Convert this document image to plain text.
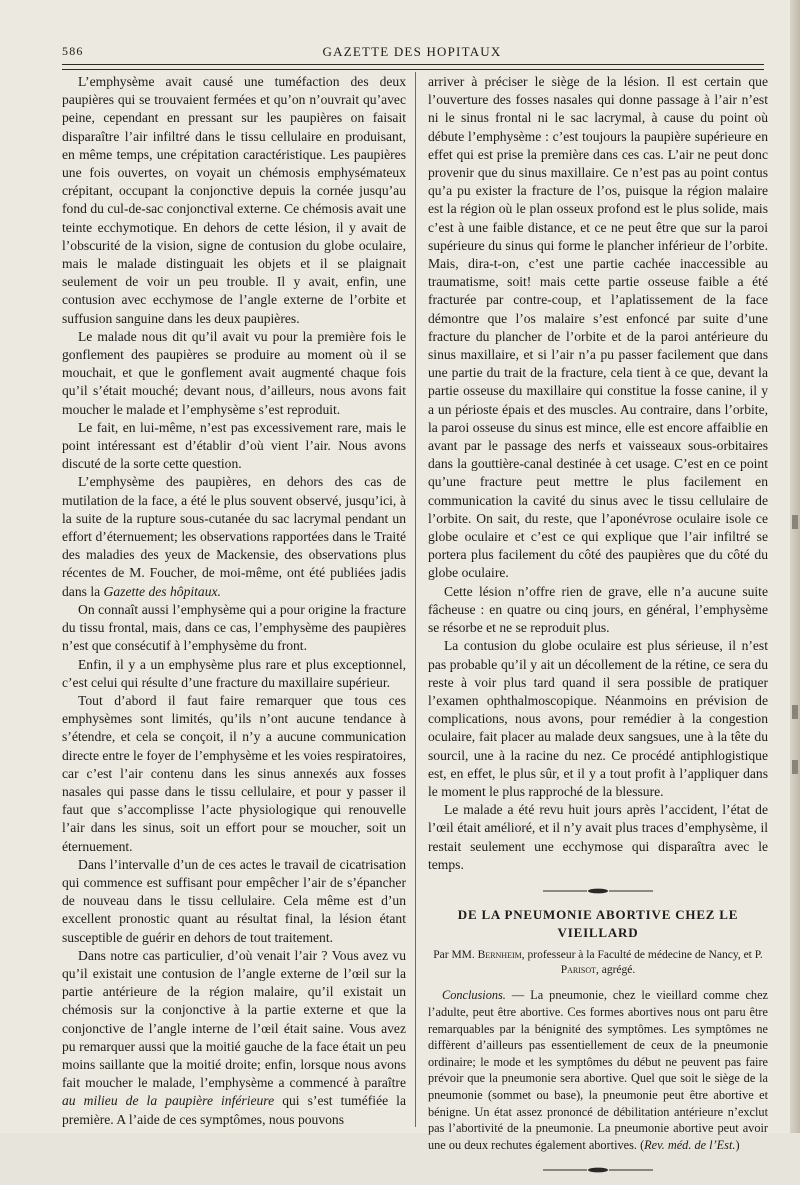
586	GAZETTE DES HOPITAUX

L’emphysème avait causé une tuméfaction des deux paupières qui se trouvaient fermées et qu’on n’ouvrait qu’avec peine, cependant en pressant sur les paupières on faisait disparaître l’air infiltré dans le tissu cellulaire en produisant, en même temps, une crépitation caractéristique. Les paupières une fois ouvertes, on voyait un chémosis emphysémateux crépitant, occupant la conjonctive depuis la cornée jusqu’au fond du cul-de-sac conjonctival externe. Ce chémosis avait une teinte ecchymotique. En dehors de cette lésion, il y avait de l’obscurité de la vision, signe de contusion du globe oculaire, mais le malade distinguait les objets et il se plaignait seulement de voir un peu trouble. Il y avait, enfin, une contusion avec ecchymose de l’angle externe de l’orbite et suffusion sanguine dans les deux paupières.

Le malade nous dit qu’il avait vu pour la première fois le gonflement des paupières se produire au moment où il se mouchait, et que le gonflement avait augmenté chaque fois qu’il s’était mouché; devant nous, d’ailleurs, nous avons fait moucher le malade et l’emphysème s’est reproduit.

Le fait, en lui-même, n’est pas excessivement rare, mais le point intéressant est d’établir d’où vient l’air. Nous avons discuté de la sorte cette question.

L’emphysème des paupières, en dehors des cas de mutilation de la face, a été le plus souvent observé, jusqu’ici, à la suite de la rupture sous-cutanée du sac lacrymal pendant un effort d’éternuement; les observations rapportées dans le Traité des maladies des yeux de Mackensie, des observations plus récentes de M. Foucher, de moi-même, ont été publiées jadis dans la Gazette des hôpitaux.

On connaît aussi l’emphysème qui a pour origine la fracture du tissu frontal, mais, dans ce cas, l’emphysème des paupières n’est que consécutif à l’emphysème du front.

Enfin, il y a un emphysème plus rare et plus exceptionnel, c’est celui qui résulte d’une fracture du maxillaire supérieur.

Tout d’abord il faut faire remarquer que tous ces emphysèmes sont limités, qu’ils n’ont aucune tendance à s’étendre, et cela se conçoit, il n’y a aucune communication directe entre le foyer de l’emphysème et les voies respiratoires, car c’est l’air contenu dans les sinus annexés aux fosses nasales qui passe dans le tissu cellulaire, et pour y passer il faut que s’accomplisse l’acte physiologique qui renouvelle l’air dans les sinus, soit un effort pour se moucher, soit un éternuement.

Dans l’intervalle d’un de ces actes le travail de cicatrisation qui commence est suffisant pour empêcher l’air de s’épancher de nouveau dans le tissu cellulaire. Cela même est d’un excellent pronostic quant au résultat final, la lésion étant susceptible de guérir en dehors de tout traitement.

Dans notre cas particulier, d’où venait l’air ? Vous avez vu qu’il existait une contusion de l’angle externe de l’œil sur la partie antérieure de la région malaire, qu’il existait un chémosis sur la conjonctive à la partie externe et que la conjonctive de l’angle interne de l’œil était saine. Vous avez pu remarquer aussi que la moitié gauche de la face était un peu moins saillante que la moitié droite; enfin, lorsque nous avons fait moucher le malade, l’emphysème a commencé à paraître au milieu de la paupière inférieure qui s’est tuméfiée la première. A l’aide de ces symptômes, nous pouvons

arriver à préciser le siège de la lésion. Il est certain que l’ouverture des fosses nasales qui donne passage à l’air n’est ni le sinus frontal ni le sac lacrymal, à cause du point où débute l’emphysème : c’est toujours la paupière supérieure en effet qui est prise la première dans ces cas. L’air ne peut donc provenir que du sinus maxillaire. Ce n’est pas au point contus qu’a pu exister la fracture de l’os, puisque la région malaire est la région où le plan osseux profond est le plus solide, mais c’est à une faible distance, et ce ne peut être que sur la paroi supérieure du sinus qui forme le plancher inférieur de l’orbite. Mais, dira-t-on, c’est une partie cachée inaccessible au traumatisme, soit! mais cette partie osseuse faible a été fracturée par contre-coup, et l’aplatissement de la face démontre que l’os malaire s’est enfoncé par suite d’une fracture du plancher de l’orbite et de la paroi antérieure du sinus maxillaire, et si l’air n’a pu passer facilement que dans une partie du trait de la fracture, cela tient à ce que, devant la partie osseuse du maxillaire qui constitue la fosse canine, il y a un périoste épais et des muscles. Au contraire, dans l’orbite, la paroi osseuse du sinus est mince, elle est encore affaiblie en avant par le passage des nerfs et vaisseaux sous-orbitaires dans la gouttière-canal destinée à cet usage. C’est en ce point qu’une fracture peut mettre le plus facilement en communication la cavité du sinus avec le tissu cellulaire de l’orbite. On sait, du reste, que l’aponévrose oculaire isole ce globe oculaire et c’est ce qui explique que l’air infiltré se portera plus facilement du côté des paupières que du côté du globe oculaire.

Cette lésion n’offre rien de grave, elle n’a aucune suite fâcheuse : en quatre ou cinq jours, en général, l’emphysème se résorbe et ne se reproduit plus.

La contusion du globe oculaire est plus sérieuse, il n’est pas probable qu’il y ait un décollement de la rétine, ce sera du reste à voir plus tard quand il sera possible de pratiquer l’examen ophthalmoscopique. Néanmoins en prévision de complications, nous avons, pour remédier à la congestion oculaire, fait placer au malade deux sangsues, une à la tête du sourcil, une à la racine du nez. Ce procédé antiphlogistique est, en effet, le plus sûr, et il y a tout profit à l’appliquer dans le moment le plus rapproché de la blessure.

Le malade a été revu huit jours après l’accident, l’état de l’œil était amélioré, et il n’y avait plus traces d’emphysème, il restait seulement une ecchymose qui disparaîtra avec le temps.

DE LA PNEUMONIE ABORTIVE CHEZ LE VIEILLARD
Par MM. Bernheim, professeur à la Faculté de médecine de Nancy, et P. Parisot, agrégé.

Conclusions. — La pneumonie, chez le vieillard comme chez l’adulte, peut être abortive. Ces formes abortives nous ont paru être remarquables par la bénignité des symptômes. Les symptômes ne diffèrent d’ailleurs pas essentiellement de ceux de la pneumonie ordinaire; le mode et les symptômes du début ne peuvent pas faire prévoir que la pneumonie sera abortive. Quel que soit le siège de la pneumonie (sommet ou base), la pneumonie peut être abortive et bénigne. Un état assez prononcé de débilitation antérieure n’exclut pas l’abortivité de la pneumonie. La pneumonie abortive peut avoir une ou deux rechutes également abortives. (Rev. méd. de l’Est.)
